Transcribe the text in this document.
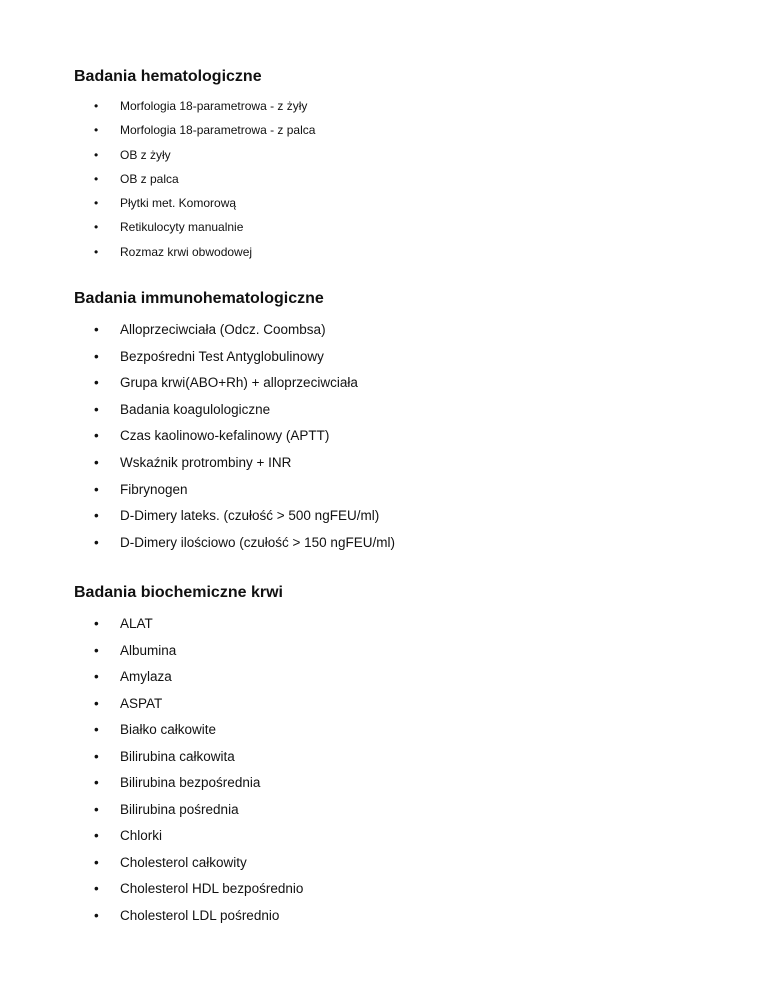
Badania hematologiczne
• Morfologia 18-parametrowa - z żyły
• Morfologia 18-parametrowa - z palca
• OB z żyły
• OB z palca
• Płytki met. Komorową
• Retikulocyty manualnie
• Rozmaz krwi obwodowej
Badania immunohematologiczne
• Alloprzeciwciała (Odcz. Coombsa)
• Bezpośredni Test Antyglobulinowy
• Grupa krwi(ABO+Rh) + alloprzeciwciała
• Badania koagulologiczne
• Czas kaolinowo-kefalinowy (APTT)
• Wskaźnik protrombiny + INR
• Fibrynogen
• D-Dimery lateks. (czułość > 500 ngFEU/ml)
• D-Dimery ilościowo (czułość > 150 ngFEU/ml)
Badania biochemiczne krwi
• ALAT
• Albumina
• Amylaza
• ASPAT
• Białko całkowite
• Bilirubina całkowita
• Bilirubina bezpośrednia
• Bilirubina pośrednia
• Chlorki
• Cholesterol całkowity
• Cholesterol HDL bezpośrednio
• Cholesterol LDL pośrednio
